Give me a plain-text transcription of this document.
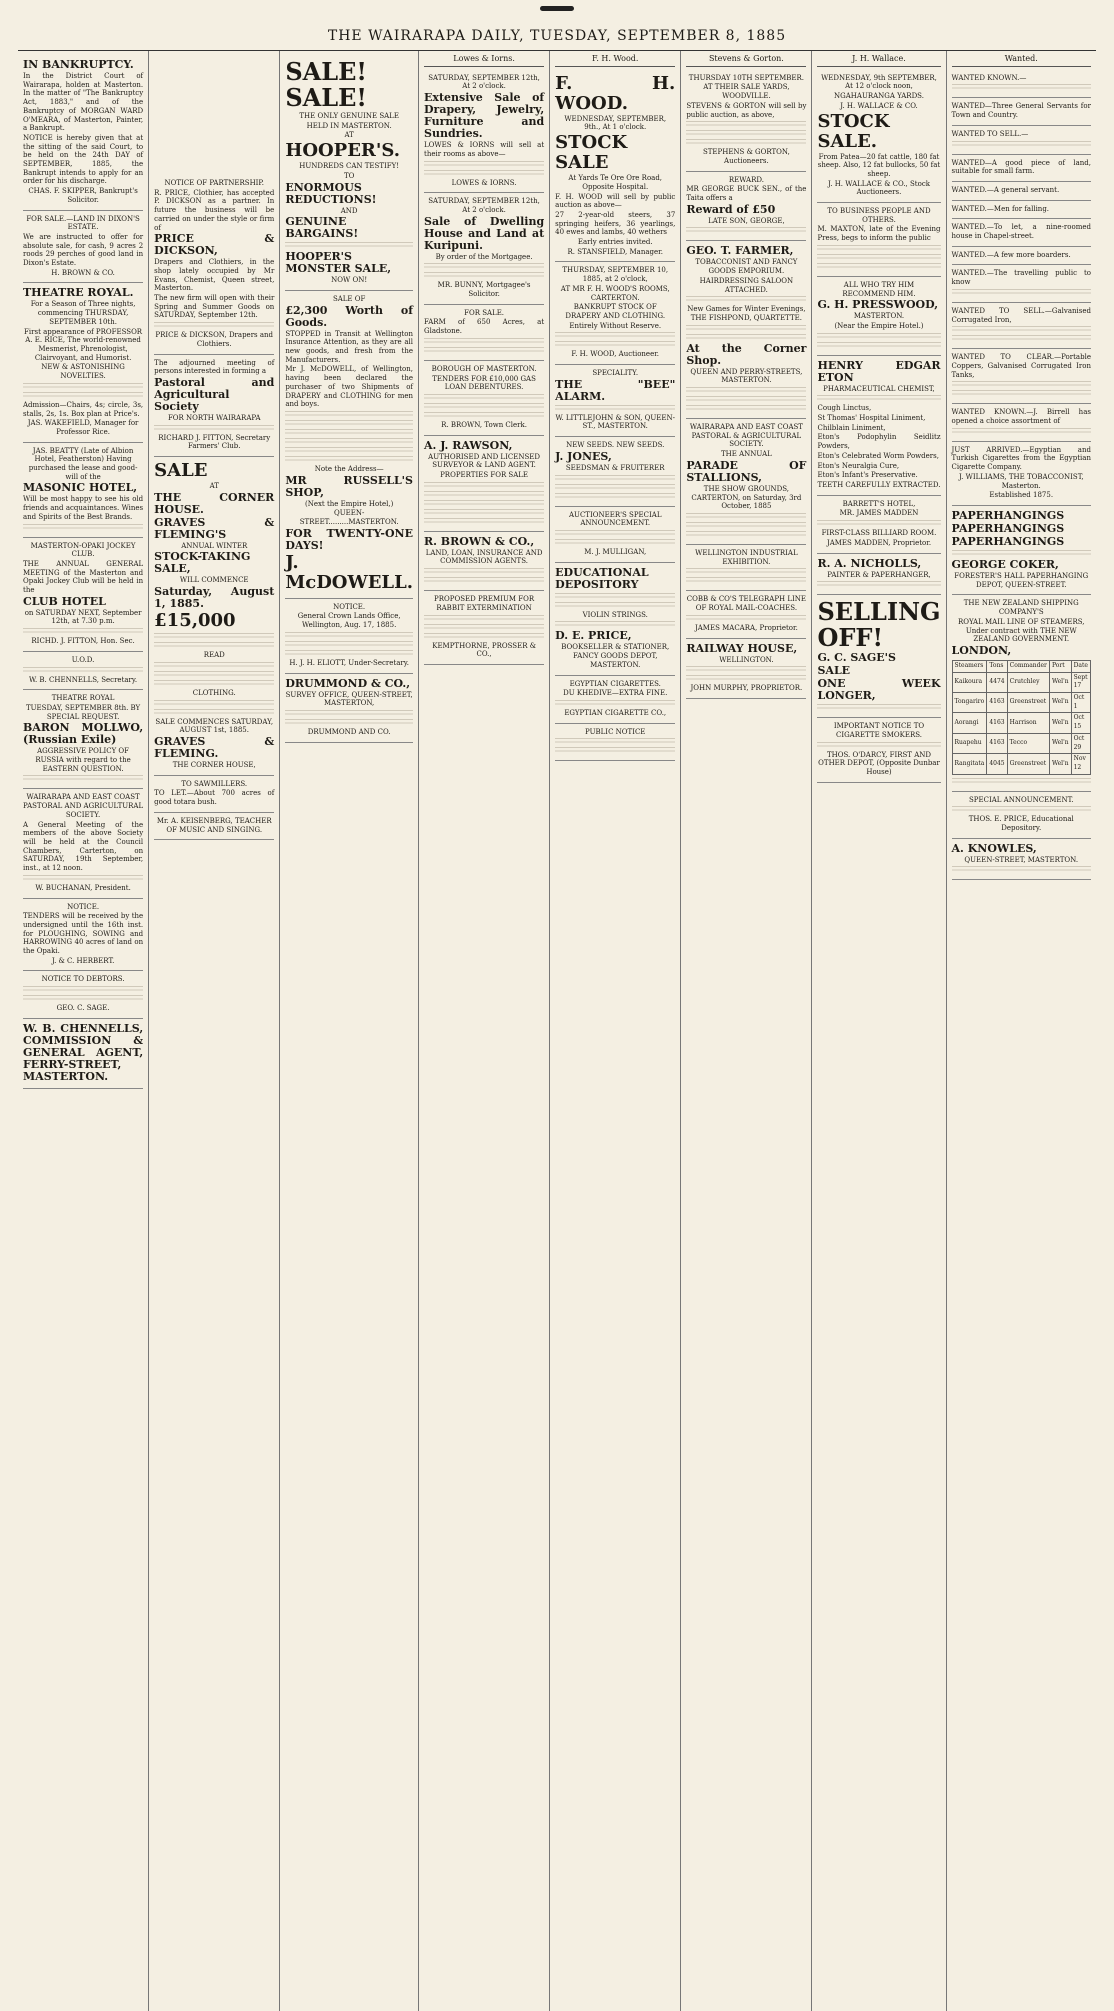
THE WAIRARAPA DAILY, TUESDAY, SEPTEMBER 8, 1885

IN BANKRUPTCY.

In the District Court of Wairarapa, holden at Masterton. In the matter of "The Bankruptcy Act, 1883," and of the Bankruptcy of MORGAN WARD O'MEARA, of Masterton, Painter, a Bankrupt.

NOTICE is hereby given that at the sitting of the said Court, to be held on the 24th DAY of SEPTEMBER, 1885, the Bankrupt intends to apply for an order for his discharge.

CHAS. F. SKIPPER, Bankrupt's Solicitor.

FOR SALE.—LAND IN DIXON'S ESTATE.

We are instructed to offer for absolute sale, for cash, 9 acres 2 roods 29 perches of good land in Dixon's Estate.

H. BROWN & CO.

THEATRE ROYAL.

For a Season of Three nights, commencing THURSDAY, SEPTEMBER 10th.

First appearance of PROFESSOR A. E. RICE, The world-renowned Mesmerist, Phrenologist, Clairvoyant, and Humorist.

NEW & ASTONISHING NOVELTIES.

Admission—Chairs, 4s; circle, 3s, stalls, 2s, 1s. Box plan at Price's.

JAS. WAKEFIELD, Manager for Professor Rice.

JAS. BEATTY (Late of Albion Hotel, Featherston) Having purchased the lease and good-will of the

MASONIC HOTEL,

Will be most happy to see his old friends and acquaintances. Wines and Spirits of the Best Brands.

MASTERTON-OPAKI JOCKEY CLUB.

THE ANNUAL GENERAL MEETING of the Masterton and Opaki Jockey Club will be held in the

CLUB HOTEL

on SATURDAY NEXT, September 12th, at 7.30 p.m.

RICHD. J. FITTON, Hon. Sec.

U.O.D.

W. B. CHENNELLS, Secretary.

THEATRE ROYAL

TUESDAY, SEPTEMBER 8th. BY SPECIAL REQUEST.

BARON MOLLWO, (Russian Exile)

AGGRESSIVE POLICY OF RUSSIA with regard to the EASTERN QUESTION.

WAIRARAPA AND EAST COAST PASTORAL AND AGRICULTURAL SOCIETY.

A General Meeting of the members of the above Society will be held at the Council Chambers, Carterton, on SATURDAY, 19th September, inst., at 12 noon.

W. BUCHANAN, President.

NOTICE.

TENDERS will be received by the undersigned until the 16th inst. for PLOUGHING, SOWING and HARROWING 40 acres of land on the Opaki.

J. & C. HERBERT.

NOTICE TO DEBTORS.

GEO. C. SAGE.

W. B. CHENNELLS, COMMISSION & GENERAL AGENT, FERRY-STREET, MASTERTON.

NOTICE OF PARTNERSHIP.

R. PRICE, Clothier, has accepted P. DICKSON as a partner. In future the business will be carried on under the style or firm of

PRICE & DICKSON,

Drapers and Clothiers, in the shop lately occupied by Mr Evans, Chemist, Queen street, Masterton.

The new firm will open with their Spring and Summer Goods on SATURDAY, September 12th.

PRICE & DICKSON, Drapers and Clothiers.

The adjourned meeting of persons interested in forming a

Pastoral and Agricultural Society

FOR NORTH WAIRARAPA

RICHARD J. FITTON, Secretary Farmers' Club.

SALE

AT

THE CORNER HOUSE.

GRAVES & FLEMING'S

ANNUAL WINTER

STOCK-TAKING SALE,

WILL COMMENCE

Saturday, August 1, 1885.

£15,000

READ

CLOTHING.

SALE COMMENCES SATURDAY, AUGUST 1st, 1885.

GRAVES & FLEMING.

THE CORNER HOUSE,

TO SAWMILLERS.

TO LET.—About 700 acres of good totara bush.

Mr. A. KEISENBERG, TEACHER OF MUSIC AND SINGING.

SALE! SALE!

THE ONLY GENUINE SALE

HELD IN MASTERTON.

AT

HOOPER'S.

HUNDREDS CAN TESTIFY!

TO

ENORMOUS REDUCTIONS!

AND

GENUINE BARGAINS!

HOOPER'S MONSTER SALE,

NOW ON!

SALE OF

£2,300 Worth of Goods.

STOPPED in Transit at Wellington Insurance Attention, as they are all new goods, and fresh from the Manufacturers.

Mr J. McDOWELL, of Wellington, having been declared the purchaser of two Shipments of DRAPERY and CLOTHING for men and boys.

Note the Address—

MR RUSSELL'S SHOP,

(Next the Empire Hotel,)

QUEEN-STREET.........MASTERTON.

FOR TWENTY-ONE DAYS!

J. McDOWELL.

NOTICE.

General Crown Lands Office, Wellington, Aug. 17, 1885.

H. J. H. ELIOTT, Under-Secretary.

DRUMMOND & CO.,

SURVEY OFFICE, QUEEN-STREET, MASTERTON,

DRUMMOND AND CO.

Lowes & Iorns.

SATURDAY, SEPTEMBER 12th, At 2 o'clock.

Extensive Sale of Drapery, Jewelry, Furniture and Sundries.

LOWES & IORNS will sell at their rooms as above—

LOWES & IORNS.

SATURDAY, SEPTEMBER 12th, At 2 o'clock.

Sale of Dwelling House and Land at Kuripuni.

By order of the Mortgagee.

MR. BUNNY, Mortgagee's Solicitor.

FOR SALE.

FARM of 650 Acres, at Gladstone.

BOROUGH OF MASTERTON.

TENDERS FOR £10,000 GAS LOAN DEBENTURES.

R. BROWN, Town Clerk.

A. J. RAWSON,

AUTHORISED AND LICENSED SURVEYOR & LAND AGENT.

PROPERTIES FOR SALE

R. BROWN & CO.,

LAND, LOAN, INSURANCE AND COMMISSION AGENTS.

PROPOSED PREMIUM FOR RABBIT EXTERMINATION

KEMPTHORNE, PROSSER & CO.,

F. H. Wood.

F. H. WOOD.

WEDNESDAY, SEPTEMBER, 9th., At 1 o'clock.

STOCK SALE

At Yards Te Ore Ore Road, Opposite Hospital.

F. H. WOOD will sell by public auction as above—

27 2-year-old steers, 37 springing heifers, 36 yearlings, 40 ewes and lambs, 40 wethers

Early entries invited.

R. STANSFIELD, Manager.

THURSDAY, SEPTEMBER 10, 1885, at 2 o'clock,

AT MR F. H. WOOD'S ROOMS, CARTERTON.

BANKRUPT STOCK OF DRAPERY AND CLOTHING.

Entirely Without Reserve.

F. H. WOOD, Auctioneer.

SPECIALITY.

THE "BEE" ALARM.

W. LITTLEJOHN & SON, QUEEN-ST., MASTERTON.

NEW SEEDS. NEW SEEDS.

J. JONES,

SEEDSMAN & FRUITERER

AUCTIONEER'S SPECIAL ANNOUNCEMENT.

M. J. MULLIGAN,

EDUCATIONAL DEPOSITORY

VIOLIN STRINGS.

D. E. PRICE,

BOOKSELLER & STATIONER, FANCY GOODS DEPOT, MASTERTON.

EGYPTIAN CIGARETTES.

DU KHEDIVE—EXTRA FINE.

EGYPTIAN CIGARETTE CO.,

PUBLIC NOTICE

Stevens & Gorton.

THURSDAY 10TH SEPTEMBER.

AT THEIR SALE YARDS, WOODVILLE.

STEVENS & GORTON will sell by public auction, as above,

STEPHENS & GORTON, Auctioneers.

REWARD.

MR GEORGE BUCK SEN., of the Taita offers a

Reward of £50

LATE SON, GEORGE,

GEO. T. FARMER,

TOBACCONIST AND FANCY GOODS EMPORIUM.

HAIRDRESSING SALOON ATTACHED.

New Games for Winter Evenings, THE FISHPOND, QUARTETTE.

At the Corner Shop.

QUEEN AND PERRY-STREETS, MASTERTON.

WAIRARAPA AND EAST COAST PASTORAL & AGRICULTURAL SOCIETY.

THE ANNUAL

PARADE OF STALLIONS,

THE SHOW GROUNDS, CARTERTON, on Saturday, 3rd October, 1885

WELLINGTON INDUSTRIAL EXHIBITION.

COBB & CO'S TELEGRAPH LINE OF ROYAL MAIL-COACHES.

JAMES MACARA, Proprietor.

RAILWAY HOUSE,

WELLINGTON.

JOHN MURPHY, PROPRIETOR.

J. H. Wallace.

WEDNESDAY, 9th SEPTEMBER, At 12 o'clock noon,

NGAHAURANGA YARDS.

J. H. WALLACE & CO.

STOCK SALE.

From Patea—20 fat cattle, 180 fat sheep. Also, 12 fat bullocks, 50 fat sheep.

J. H. WALLACE & CO., Stock Auctioneers.

TO BUSINESS PEOPLE AND OTHERS.

M. MAXTON, late of the Evening Press, begs to inform the public

ALL WHO TRY HIM RECOMMEND HIM.

G. H. PRESSWOOD,

MASTERTON.

(Near the Empire Hotel.)

HENRY EDGAR ETON

PHARMACEUTICAL CHEMIST,

Cough Linctus,

St Thomas' Hospital Liniment,

Chilblain Liniment,

Eton's Podophylin Seidlitz Powders,

Eton's Celebrated Worm Powders,

Eton's Neuralgia Cure,

Eton's Infant's Preservative.

TEETH CAREFULLY EXTRACTED.

BARRETT'S HOTEL,

MR. JAMES MADDEN

FIRST-CLASS BILLIARD ROOM.

JAMES MADDEN, Proprietor.

R. A. NICHOLLS,

PAINTER & PAPERHANGER,

SELLING OFF!

G. C. SAGE'S

SALE

ONE WEEK LONGER,

IMPORTANT NOTICE TO CIGARETTE SMOKERS.

THOS. O'DARCY, FIRST AND OTHER DEPOT, (Opposite Dunbar House)

Wanted.

WANTED KNOWN.—

WANTED—Three General Servants for Town and Country.

WANTED TO SELL.—

WANTED—A good piece of land, suitable for small farm.

WANTED.—A general servant.

WANTED.—Men for falling.

WANTED.—To let, a nine-roomed house in Chapel-street.

WANTED.—A few more boarders.

WANTED.—The travelling public to know

WANTED TO SELL.—Galvanised Corrugated Iron,

WANTED TO CLEAR.—Portable Coppers, Galvanised Corrugated Iron Tanks,

WANTED KNOWN.—J. Birrell has opened a choice assortment of

JUST ARRIVED.—Egyptian and Turkish Cigarettes from the Egyptian Cigarette Company.

J. WILLIAMS, THE TOBACCONIST, Masterton.

Established 1875.

PAPERHANGINGS

PAPERHANGINGS

PAPERHANGINGS

GEORGE COKER,

FORESTER'S HALL PAPERHANGING DEPOT, QUEEN-STREET.

THE NEW ZEALAND SHIPPING COMPANY'S

ROYAL MAIL LINE OF STEAMERS, Under contract with THE NEW ZEALAND GOVERNMENT.

LONDON,

Steamers	Tons	Commander	Port	Date
Kaikoura	4474	Crutchley	Wel'n	Sept 17
Tongariro	4163	Greenstreet	Wel'n	Oct 1
Aorangi	4163	Harrison	Wel'n	Oct 15
Ruapehu	4163	Tecco	Wel'n	Oct 29
Rangitata	4045	Greenstreet	Wel'n	Nov 12

SPECIAL ANNOUNCEMENT.

THOS. E. PRICE, Educational Depository.

A. KNOWLES,

QUEEN-STREET, MASTERTON.
